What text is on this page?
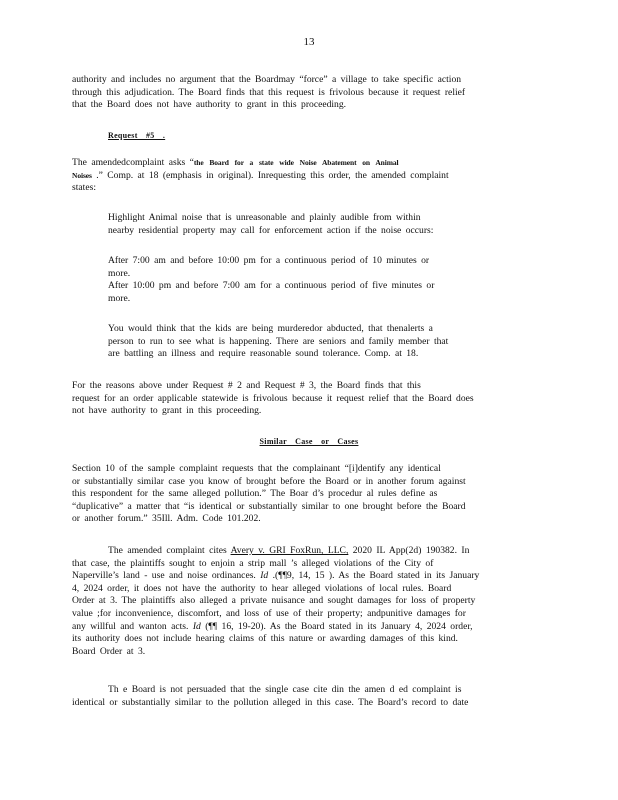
13
authority and includes no argument that the Boardmay “force” a village to take specific action
through this adjudication. The Board finds that this request is frivolous because it request relief
that the Board does not have authority to grant in this proceeding.
Request #5 .
The amendedcomplaint asks “the Board for a state wide Noise Abatement on Animal
Noises .” Comp. at 18 (emphasis in original). Inrequesting this order, the amended complaint
states:
Highlight Animal noise that is unreasonable and plainly audible from within
nearby residential property may call for enforcement action if the noise occurs:
After 7:00 am and before 10:00 pm for a continuous period of 10 minutes or
more.
After 10:00 pm and before 7:00 am for a continuous period of five minutes or
more.
You would think that the kids are being murderedor abducted, that thenalerts a
person to run to see what is happening. There are seniors and family member that
are battling an illness and require reasonable sound tolerance. Comp. at 18.
For the reasons above under Request # 2 and Request # 3, the Board finds that this
request for an order applicable statewide is frivolous because it request relief that the Board does
not have authority to grant in this proceeding.
Similar Case or Cases
Section 10 of the sample complaint requests that the complainant “[i]dentify any identical
or substantially similar case you know of brought before the Board or in another forum against
this respondent for the same alleged pollution.” The Boar d’s procedur al rules define as
“duplicative” a matter that “is identical or substantially similar to one brought before the Board
or another forum.” 35Ill. Adm. Code 101.202.
The amended complaint cites Avery v. GRI FoxRun, LLC, 2020 IL App(2d) 190382. In
that case, the plaintiffs sought to enjoin a strip mall ’s alleged violations of the City of
Naperville’s land - use and noise ordinances. Id .(¶¶9, 14, 15 ). As the Board stated in its January
4, 2024 order, it does not have the authority to hear alleged violations of local rules. Board
Order at 3. The plaintiffs also alleged a private nuisance and sought damages for loss of property
value ;for inconvenience, discomfort, and loss of use of their property; andpunitive damages for
any willful and wanton acts. Id (¶¶ 16, 19-20). As the Board stated in its January 4, 2024 order,
its authority does not include hearing claims of this nature or awarding damages of this kind.
Board Order at 3.
Th e Board is not persuaded that the single case cite din the amen d ed complaint is
identical or substantially similar to the pollution alleged in this case. The Board’s record to date
